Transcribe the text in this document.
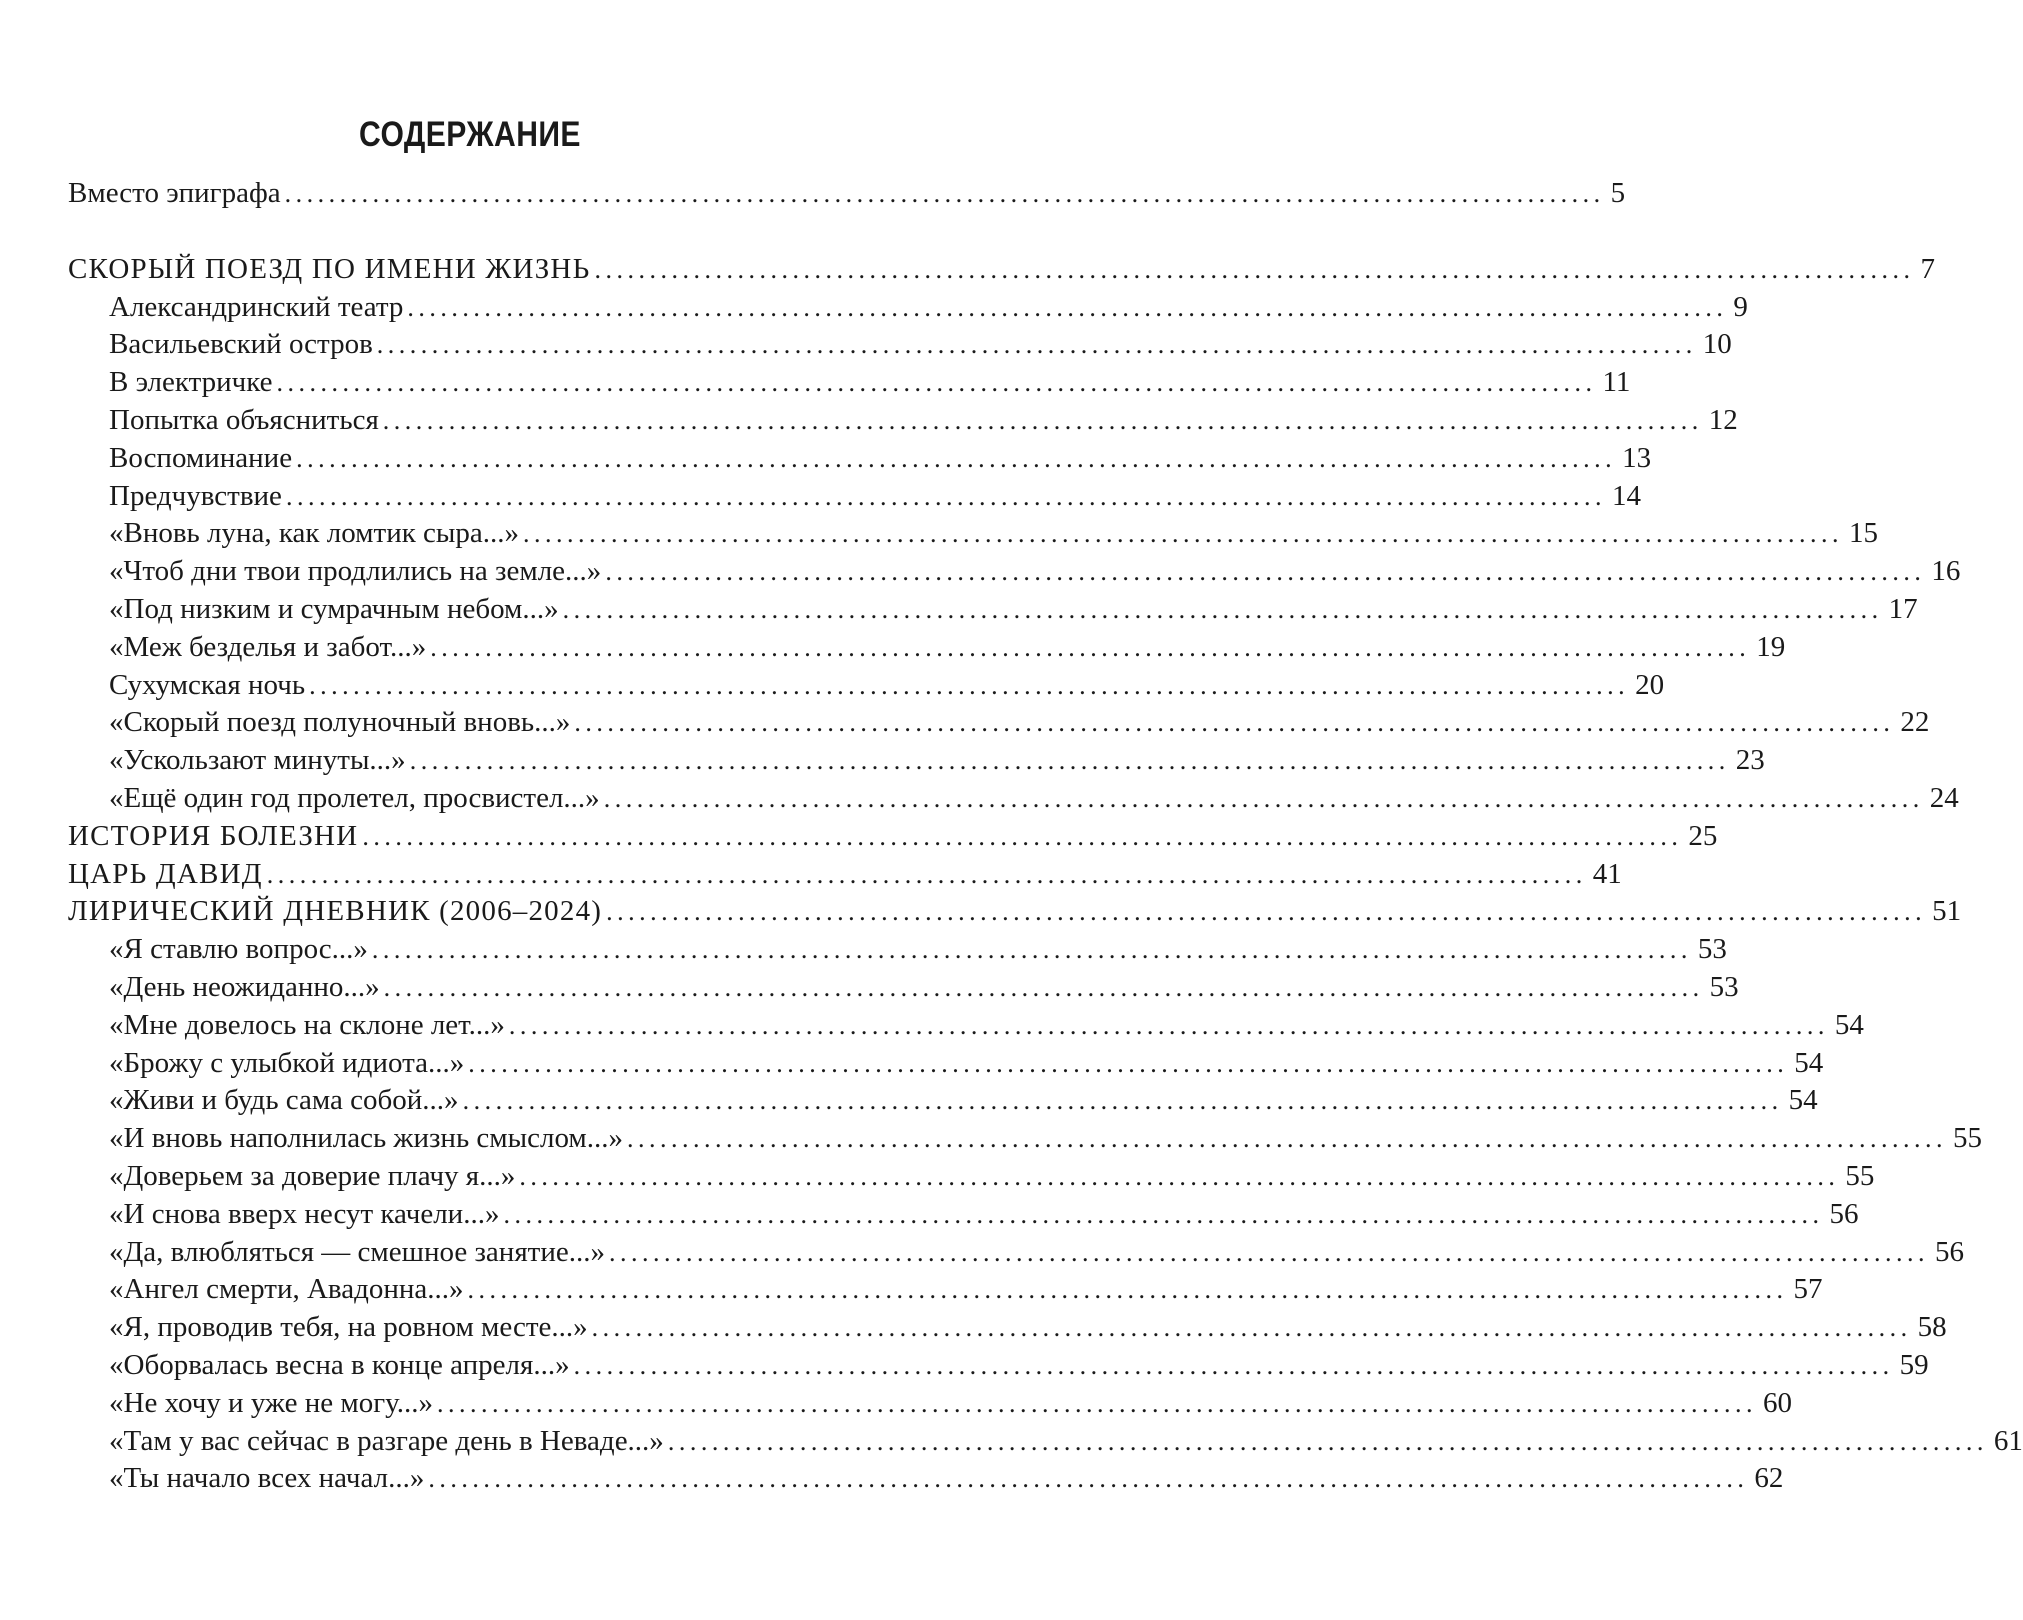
СОДЕРЖАНИЕ
Вместо эпиграфа ........................................................................................................................ 5
СКОРЫЙ ПОЕЗД ПО ИМЕНИ ЖИЗНЬ ........................................................................................................................ 7
Александринский театр ........................................................................................................................ 9
Васильевский остров ........................................................................................................................ 10
В электричке ........................................................................................................................ 11
Попытка объясниться ........................................................................................................................ 12
Воспоминание ........................................................................................................................ 13
Предчувствие ........................................................................................................................ 14
«Вновь луна, как ломтик сыра...» ........................................................................................................................ 15
«Чтоб дни твои продлились на земле...» ........................................................................................................................ 16
«Под низким и сумрачным небом...» ........................................................................................................................ 17
«Меж безделья и забот...» ........................................................................................................................ 19
Сухумская ночь ........................................................................................................................ 20
«Скорый поезд полуночный вновь...» ........................................................................................................................ 22
«Ускользают минуты...» ........................................................................................................................ 23
«Ещё один год пролетел, просвистел...» ........................................................................................................................ 24
ИСТОРИЯ БОЛЕЗНИ ........................................................................................................................ 25
ЦАРЬ ДАВИД ........................................................................................................................ 41
ЛИРИЧЕСКИЙ ДНЕВНИК (2006–2024) ........................................................................................................................ 51
«Я ставлю вопрос...» ........................................................................................................................ 53
«День неожиданно...» ........................................................................................................................ 53
«Мне довелось на склоне лет...» ........................................................................................................................ 54
«Брожу с улыбкой идиота...» ........................................................................................................................ 54
«Живи и будь сама собой...» ........................................................................................................................ 54
«И вновь наполнилась жизнь смыслом...» ........................................................................................................................ 55
«Доверьем за доверие плачу я...» ........................................................................................................................ 55
«И снова вверх несут качели...» ........................................................................................................................ 56
«Да, влюбляться — смешное занятие...» ........................................................................................................................ 56
«Ангел смерти, Авадонна...» ........................................................................................................................ 57
«Я, проводив тебя, на ровном месте...» ........................................................................................................................ 58
«Оборвалась весна в конце апреля...» ........................................................................................................................ 59
«Не хочу и уже не могу...» ........................................................................................................................ 60
«Там у вас сейчас в разгаре день в Неваде...» ........................................................................................................................ 61
«Ты начало всех начал...» ........................................................................................................................ 62
